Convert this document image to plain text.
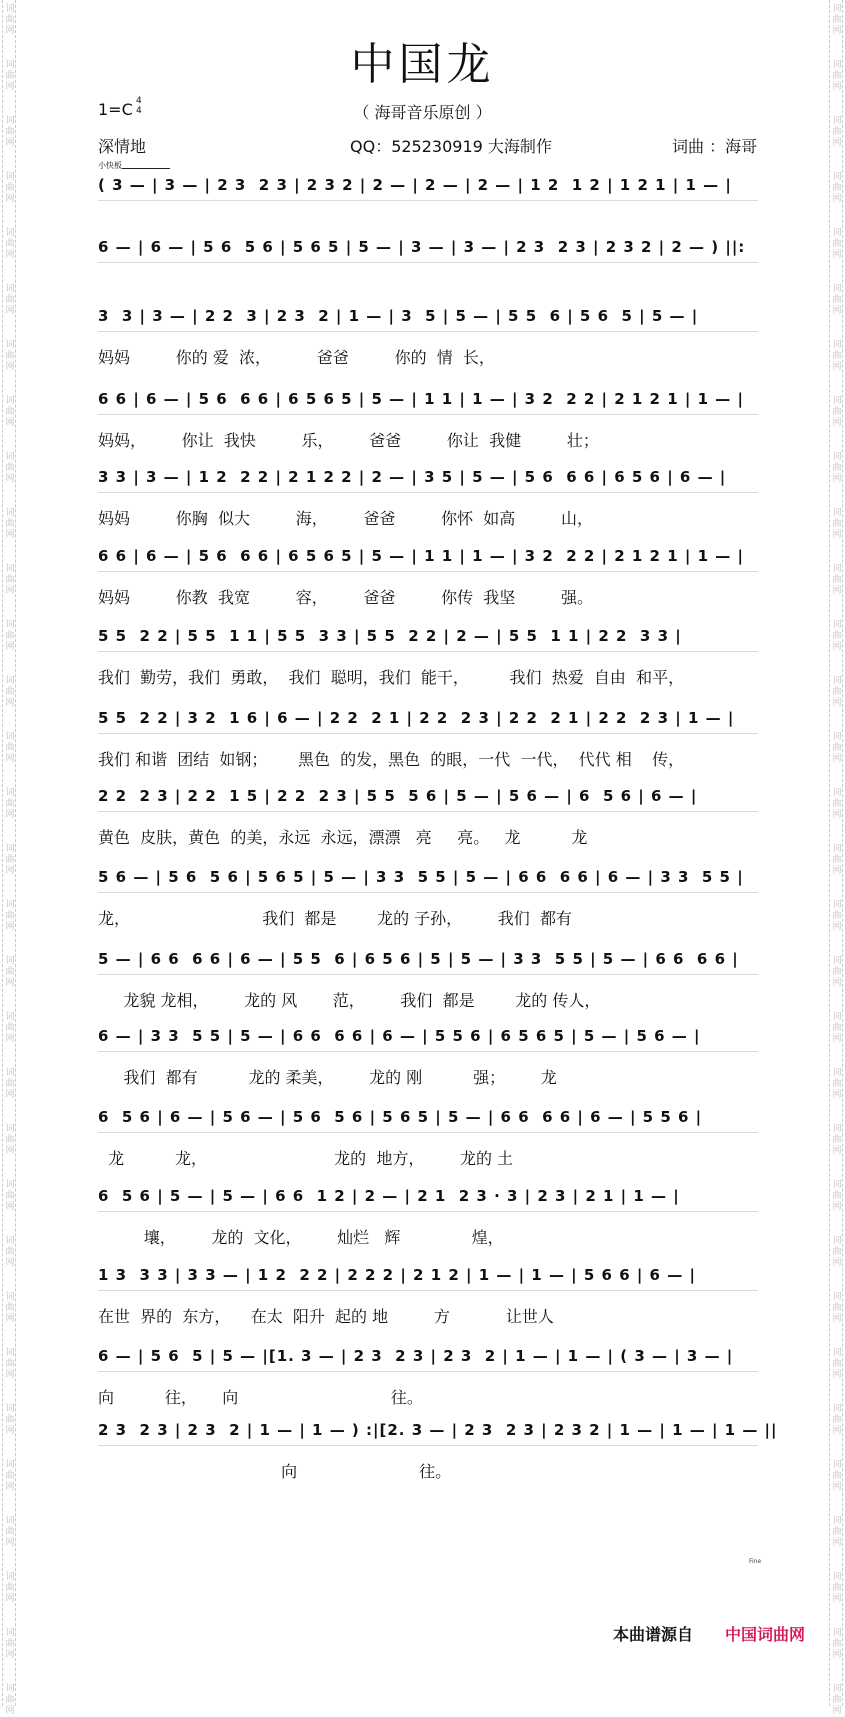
词曲网
词曲网
词曲网
词曲网
词曲网
词曲网
词曲网
词曲网
词曲网
词曲网
词曲网
词曲网
词曲网
词曲网
词曲网
词曲网
词曲网
词曲网
词曲网
词曲网
词曲网
词曲网
词曲网
词曲网
词曲网
词曲网
词曲网
词曲网
词曲网
词曲网
词曲网
词曲网
词曲网
词曲网
词曲网
词曲网
词曲网
词曲网
词曲网
词曲网
词曲网
词曲网
词曲网
词曲网
词曲网
词曲网
词曲网
词曲网
词曲网
词曲网
词曲网
词曲网
词曲网
词曲网
词曲网
词曲网
词曲网
词曲网
词曲网
词曲网
词曲网
词曲网
中国龙
1=C 4
4	（ 海哥音乐原创 ）
深情地	QQ：525230919 大海制作	词曲 ：海哥
小快板
( 3 — | 3 — | 2 3  2 3 | 2 3 2 | 2 — | 2 — | 2 — | 1 2  1 2 | 1 2 1 | 1 — |
6 — | 6 — | 5 6  5 6 | 5 6 5 | 5 — | 3 — | 3 — | 2 3  2 3 | 2 3 2 | 2 — ) ||:
3  3 | 3 — | 2 2  3 | 2 3  2 | 1 — | 3  5 | 5 — | 5 5  6 | 5 6  5 | 5 — |
妈妈         你的 爱  浓，         爸爸         你的  情  长，
6 6 | 6 — | 5 6  6 6 | 6 5 6 5 | 5 — | 1 1 | 1 — | 3 2  2 2 | 2 1 2 1 | 1 — |
妈妈，       你让  我快         乐，       爸爸         你让  我健         壮；
3 3 | 3 — | 1 2  2 2 | 2 1 2 2 | 2 — | 3 5 | 5 — | 5 6  6 6 | 6 5 6 | 6 — |
妈妈         你胸  似大         海，       爸爸         你怀  如高         山，
6 6 | 6 — | 5 6  6 6 | 6 5 6 5 | 5 — | 1 1 | 1 — | 3 2  2 2 | 2 1 2 1 | 1 — |
妈妈         你教  我宽         容，       爸爸         你传  我坚         强。
5 5  2 2 | 5 5  1 1 | 5 5  3 3 | 5 5  2 2 | 2 — | 5 5  1 1 | 2 2  3 3 |
我们  勤劳，我们  勇敢，  我们  聪明，我们  能干，        我们  热爱  自由  和平，
5 5  2 2 | 3 2  1 6 | 6 — | 2 2  2 1 | 2 2  2 3 | 2 2  2 1 | 2 2  2 3 | 1 — |
我们 和谐  团结  如钢；      黑色  的发，黑色  的眼，一代  一代，  代代 相    传，
2 2  2 3 | 2 2  1 5 | 2 2  2 3 | 5 5  5 6 | 5 — | 5 6 — | 6  5 6 | 6 — |
黄色  皮肤，黄色  的美，永远  永远，漂漂   亮     亮。   龙          龙
5 6 — | 5 6  5 6 | 5 6 5 | 5 — | 3 3  5 5 | 5 — | 6 6  6 6 | 6 — | 3 3  5 5 |
龙，                          我们  都是        龙的 子孙，       我们  都有
5 — | 6 6  6 6 | 6 — | 5 5  6 | 6 5 6 | 5 | 5 — | 3 3  5 5 | 5 — | 6 6  6 6 |
龙貌 龙相，       龙的 风       范，       我们  都是        龙的 传人，
6 — | 3 3  5 5 | 5 — | 6 6  6 6 | 6 — | 5 5 6 | 6 5 6 5 | 5 — | 5 6 — |
我们  都有          龙的 柔美，       龙的 刚          强；       龙
6  5 6 | 6 — | 5 6 — | 5 6  5 6 | 5 6 5 | 5 — | 6 6  6 6 | 6 — | 5 5 6 |
龙          龙，                         龙的  地方，       龙的 土
6  5 6 | 5 — | 5 — | 6 6  1 2 | 2 — | 2 1  2 3 · 3 | 2 3 | 2 1 | 1 — |
壤，       龙的  文化，       灿烂   辉              煌，
1 3  3 3 | 3 3 — | 1 2  2 2 | 2 2 2 | 2 1 2 | 1 — | 1 — | 5 6 6 | 6 — |
在世  界的  东方，    在太  阳升  起的 地         方           让世人
6 — | 5 6  5 | 5 — |[1. 3 — | 2 3  2 3 | 2 3  2 | 1 — | 1 — | ( 3 — | 3 — |
向          往，     向                              往。
2 3  2 3 | 2 3  2 | 1 — | 1 — ) :|[2. 3 — | 2 3  2 3 | 2 3 2 | 1 — | 1 — | 1 — ||
向                        往。
Fine
本曲谱源自 中国词曲网
